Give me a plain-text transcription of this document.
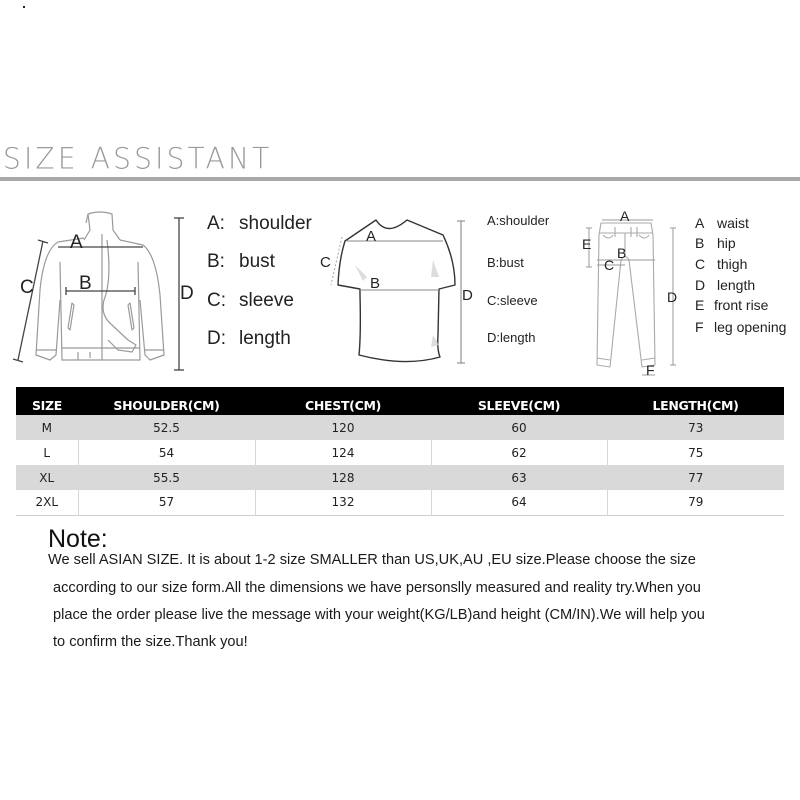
SIZE ASSISTANT
A
B
C	D
A: shoulder
B: bust
C: sleeve
D: length
A
B
C
D
A:shoulder
B:bust
C:sleeve
D:length
A
B
C
D
E
F
A waist
B hip
C thigh
D length
E front rise
F leg opening
SIZE	SHOULDER(CM)	CHEST(CM)	SLEEVE(CM)	LENGTH(CM)
M	52.5	120	60	73
L	54	124	62	75
XL	55.5	128	63	77
2XL	57	132	64	79
Note:
We sell ASIAN SIZE. It is about 1-2 size SMALLER than US,UK,AU ,EU size.Please choose the size
according to our size form.All the dimensions we have personslly measured and reality try.When you
place the order please live the message with your weight(KG/LB)and height (CM/IN).We will help you
to confirm the size.Thank you!
